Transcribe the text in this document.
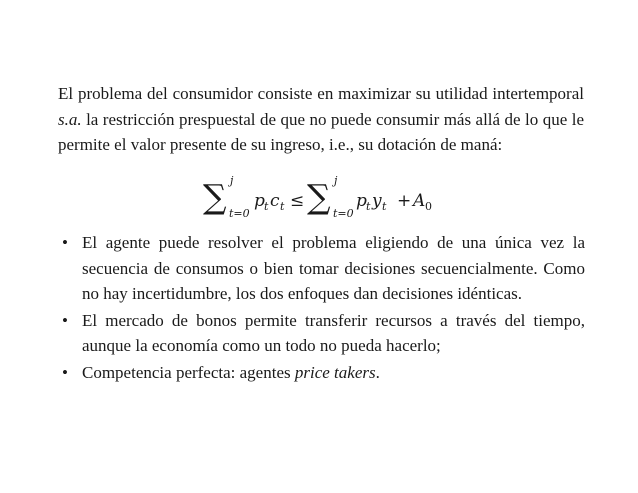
El problema del consumidor consiste en maximizar su utilidad intertemporal s.a. la restricción prespuestal de que no puede consumir más allá de lo que le permite el valor presente de su ingreso, i.e., su dotación de maná:

∑ j
t=0
p t c t ≤ ∑ j
t=0
p t y t + A 0
• El agente puede resolver el problema eligiendo de una única vez la secuencia de consumos o bien tomar decisiones secuencialmente. Como no hay incertidumbre, los dos enfoques dan decisiones idénticas.
• El mercado de bonos permite transferir recursos a través del tiempo, aunque la economía como un todo no pueda hacerlo;
• Competencia perfecta: agentes price takers.
